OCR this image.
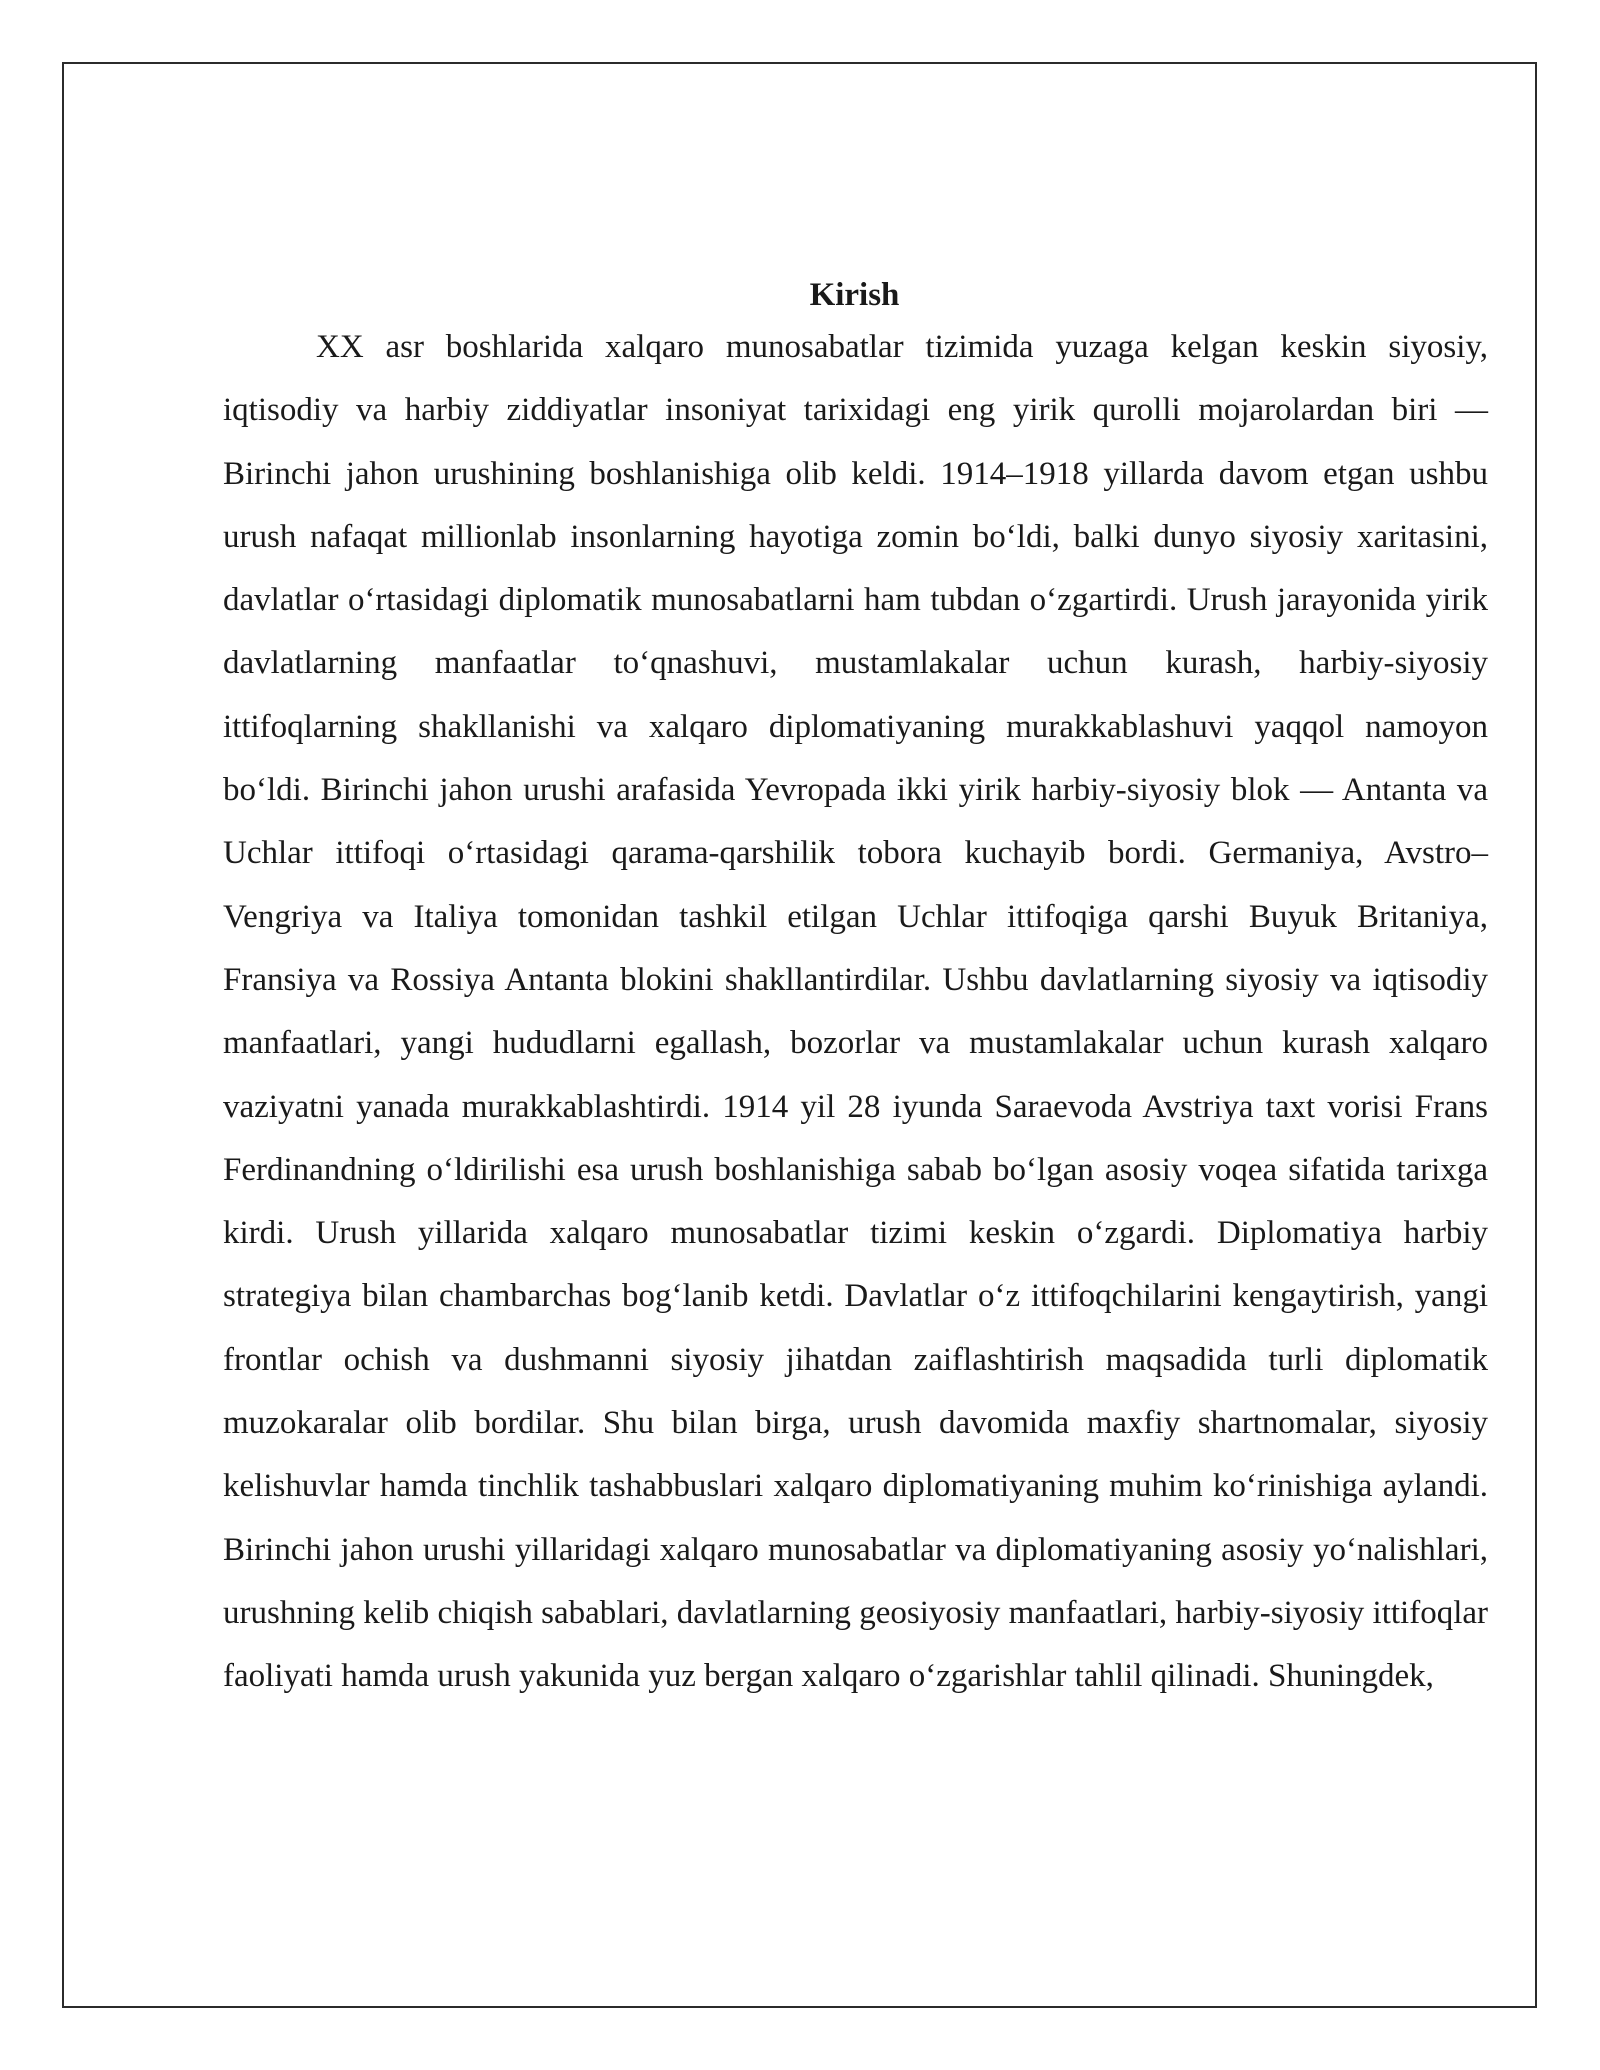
Kirish

XX asr boshlarida xalqaro munosabatlar tizimida yuzaga kelgan keskin siyosiy, iqtisodiy va harbiy ziddiyatlar insoniyat tarixidagi eng yirik qurolli mojarolardan biri — Birinchi jahon urushining boshlanishiga olib keldi. 1914–1918 yillarda davom etgan ushbu urush nafaqat millionlab insonlarning hayotiga zomin boʻldi, balki dunyo siyosiy xaritasini, davlatlar oʻrtasidagi diplomatik munosabatlarni ham tubdan oʻzgartirdi. Urush jarayonida yirik davlatlarning manfaatlar toʻqnashuvi, mustamlakalar uchun kurash, harbiy-siyosiy ittifoqlarning shakllanishi va xalqaro diplomatiyaning murakkablashuvi yaqqol namoyon boʻldi. Birinchi jahon urushi arafasida Yevropada ikki yirik harbiy-siyosiy blok — Antanta va Uchlar ittifoqi oʻrtasidagi qarama-qarshilik tobora kuchayib bordi. Germaniya, Avstro–Vengriya va Italiya tomonidan tashkil etilgan Uchlar ittifoqiga qarshi Buyuk Britaniya, Fransiya va Rossiya Antanta blokini shakllantirdilar. Ushbu davlatlarning siyosiy va iqtisodiy manfaatlari, yangi hududlarni egallash, bozorlar va mustamlakalar uchun kurash xalqaro vaziyatni yanada murakkablashtirdi. 1914 yil 28 iyunda Saraevoda Avstriya taxt vorisi Frans Ferdinandning oʻldirilishi esa urush boshlanishiga sabab boʻlgan asosiy voqea sifatida tarixga kirdi. Urush yillarida xalqaro munosabatlar tizimi keskin oʻzgardi. Diplomatiya harbiy strategiya bilan chambarchas bogʻlanib ketdi. Davlatlar oʻz ittifoqchilarini kengaytirish, yangi frontlar ochish va dushmanni siyosiy jihatdan zaiflashtirish maqsadida turli diplomatik muzokaralar olib bordilar. Shu bilan birga, urush davomida maxfiy shartnomalar, siyosiy kelishuvlar hamda tinchlik tashabbuslari xalqaro diplomatiyaning muhim koʻrinishiga aylandi. Birinchi jahon urushi yillaridagi xalqaro munosabatlar va diplomatiyaning asosiy yoʻnalishlari, urushning kelib chiqish sabablari, davlatlarning geosiyosiy manfaatlari, harbiy-siyosiy ittifoqlar faoliyati hamda urush yakunida yuz bergan xalqaro oʻzgarishlar tahlil qilinadi. Shuningdek,
